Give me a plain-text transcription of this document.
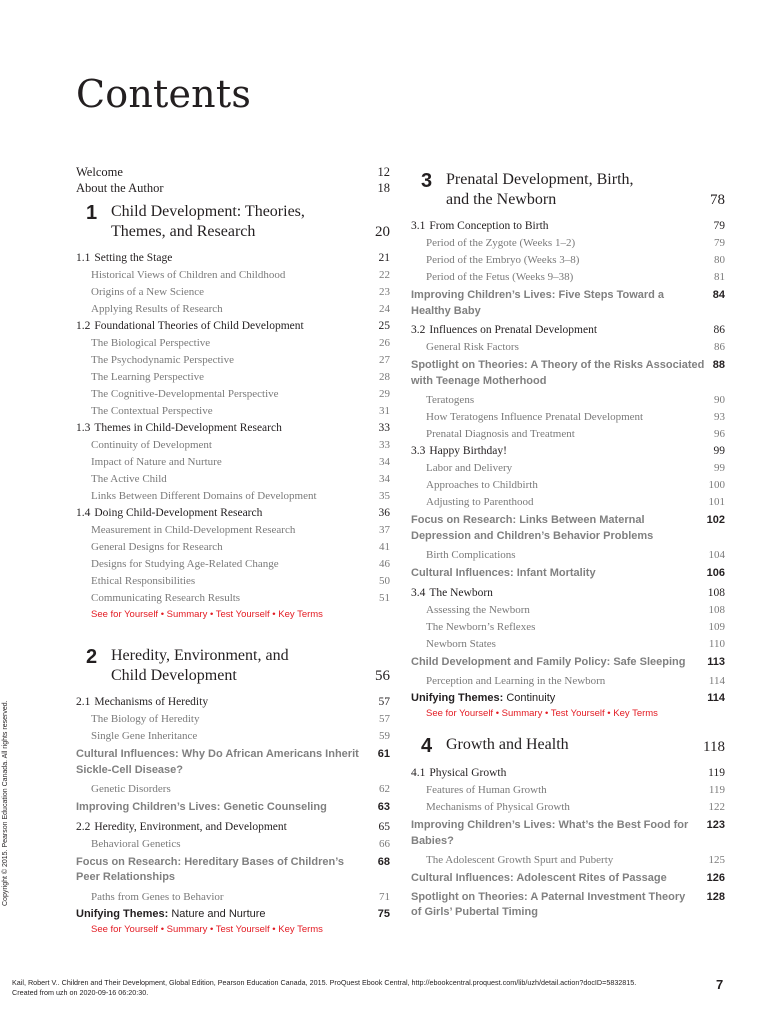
Contents
Welcome	12
About the Author	18
1 Child Development: Theories,
Themes, and Research	20
1.1 Setting the Stage	21
Historical Views of Children and Childhood	22
Origins of a New Science	23
Applying Results of Research	24
1.2 Foundational Theories of Child Development	25
The Biological Perspective	26
The Psychodynamic Perspective	27
The Learning Perspective	28
The Cognitive-Developmental Perspective	29
The Contextual Perspective	31
1.3 Themes in Child-Development Research	33
Continuity of Development	33
Impact of Nature and Nurture	34
The Active Child	34
Links Between Different Domains of Development	35
1.4 Doing Child-Development Research	36
Measurement in Child-Development Research	37
General Designs for Research	41
Designs for Studying Age-Related Change	46
Ethical Responsibilities	50
Communicating Research Results	51
See for Yourself • Summary • Test Yourself • Key Terms
2 Heredity, Environment, and
Child Development	56
2.1 Mechanisms of Heredity	57
The Biology of Heredity	57
Single Gene Inheritance	59
Cultural Influences: Why Do African Americans Inherit Sickle-Cell Disease?
61
Genetic Disorders	62
Improving Children’s Lives: Genetic Counseling	63
2.2 Heredity, Environment, and Development	65
Behavioral Genetics	66
Focus on Research: Hereditary Bases of Children’s Peer Relationships
68
Paths from Genes to Behavior	71
Unifying Themes: Nature and Nurture	75
See for Yourself • Summary • Test Yourself • Key Terms
3 Prenatal Development, Birth,
and the Newborn	78
3.1 From Conception to Birth	79
Period of the Zygote (Weeks 1–2)	79
Period of the Embryo (Weeks 3–8)	80
Period of the Fetus (Weeks 9–38)	81
Improving Children’s Lives: Five Steps Toward a Healthy Baby
84
3.2 Influences on Prenatal Development	86
General Risk Factors	86
Spotlight on Theories: A Theory of the Risks Associated with Teenage Motherhood
88
Teratogens	90
How Teratogens Influence Prenatal Development	93
Prenatal Diagnosis and Treatment	96
3.3 Happy Birthday!	99
Labor and Delivery	99
Approaches to Childbirth	100
Adjusting to Parenthood	101
Focus on Research: Links Between Maternal Depression and Children’s Behavior Problems
102
Birth Complications	104
Cultural Influences: Infant Mortality	106
3.4 The Newborn	108
Assessing the Newborn	108
The Newborn’s Reflexes	109
Newborn States	110
Child Development and Family Policy: Safe Sleeping 113
Perception and Learning in the Newborn	114
Unifying Themes: Continuity	114
See for Yourself • Summary • Test Yourself • Key Terms
4 Growth and Health	118
4.1 Physical Growth	119
Features of Human Growth	119
Mechanisms of Physical Growth	122
Improving Children’s Lives: What’s the Best Food for Babies?
123
The Adolescent Growth Spurt and Puberty	125
Cultural Influences: Adolescent Rites of Passage	126
Spotlight on Theories: A Paternal Investment Theory of Girls’ Pubertal Timing
128
Copyright © 2015. Pearson Education Canada. All rights reserved.
Kail, Robert V.. Children and Their Development, Global Edition, Pearson Education Canada, 2015. ProQuest Ebook Central, http://ebookcentral.proquest.com/lib/uzh/detail.action?docID=5832815.
Created from uzh on 2020-09-16 06:20:30.
7
